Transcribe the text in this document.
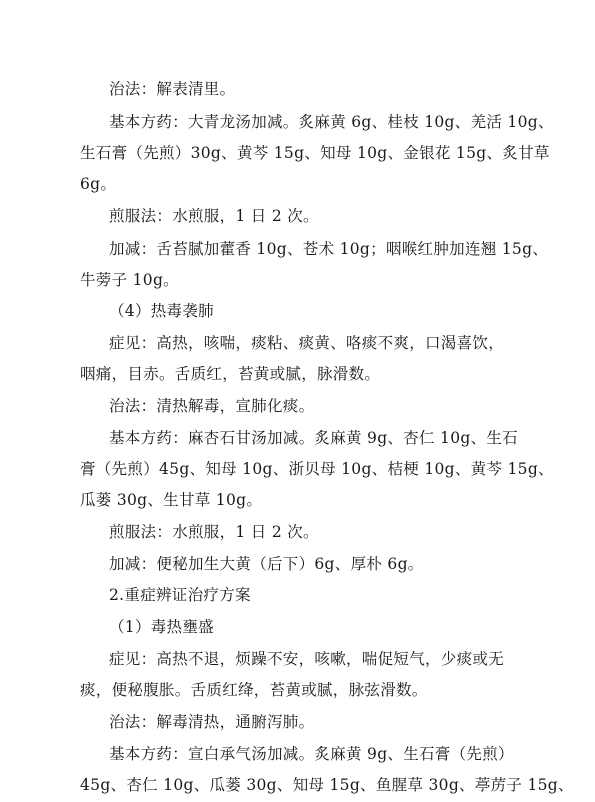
治法：解表清里。
基本方药：大青龙汤加减。炙麻黄 6g、桂枝 10g、羌活 10g、
生石膏（先煎）30g、黄芩 15g、知母 10g、金银花 15g、炙甘草
6g。
煎服法：水煎服，1 日 2 次。
加减：舌苔腻加藿香 10g、苍术 10g；咽喉红肿加连翘 15g、
牛蒡子 10g。
（4）热毒袭肺
症见：高热，咳喘，痰粘、痰黄、咯痰不爽，口渴喜饮，
咽痛，目赤。舌质红，苔黄或腻，脉滑数。
治法：清热解毒，宣肺化痰。
基本方药：麻杏石甘汤加减。炙麻黄 9g、杏仁 10g、生石
膏（先煎）45g、知母 10g、浙贝母 10g、桔梗 10g、黄芩 15g、
瓜蒌 30g、生甘草 10g。
煎服法：水煎服，1 日 2 次。
加减：便秘加生大黄（后下）6g、厚朴 6g。
2.重症辨证治疗方案
（1）毒热壅盛
症见：高热不退，烦躁不安，咳嗽，喘促短气，少痰或无
痰，便秘腹胀。舌质红绛，苔黄或腻，脉弦滑数。
治法：解毒清热，通腑泻肺。
基本方药：宣白承气汤加减。炙麻黄 9g、生石膏（先煎）
45g、杏仁 10g、瓜蒌 30g、知母 15g、鱼腥草 30g、葶苈子 15g、
